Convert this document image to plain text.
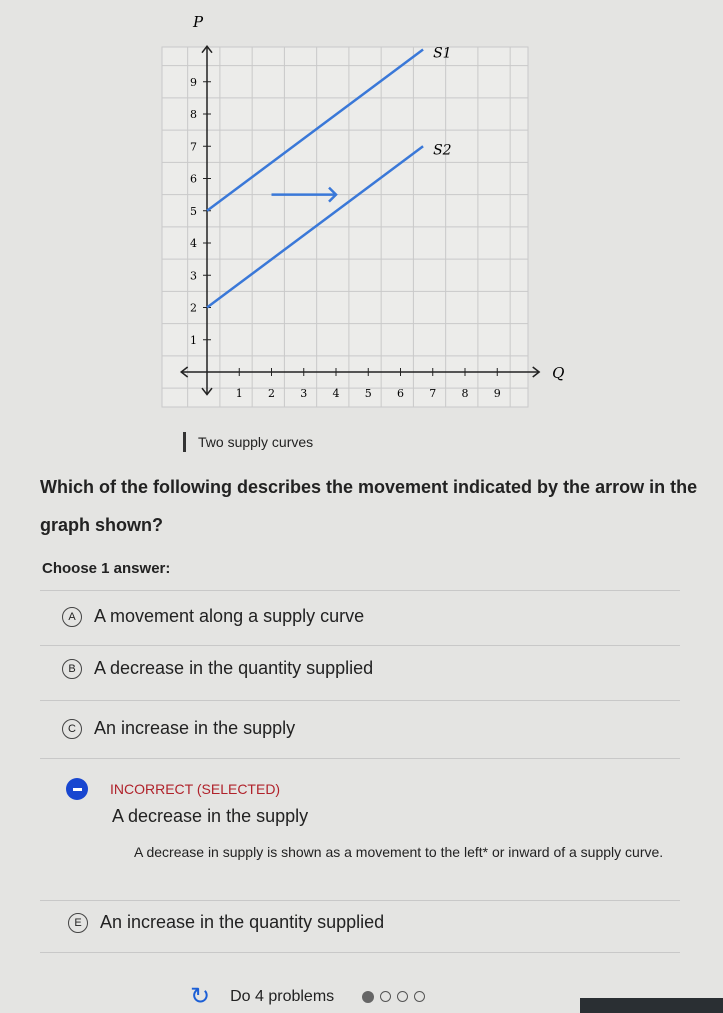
Q
P
1 2 3 4 5 6 7 8 9
1
2
3
4
5
6
7
8
9
S1
S2
Two supply curves
Which of the following describes the movement indicated by the arrow in the graph shown?
Choose 1 answer:
A	A movement along a supply curve
B	A decrease in the quantity supplied
C	An increase in the supply
INCORRECT (SELECTED)
A decrease in the supply
A decrease in supply is shown as a movement to the left* or inward of a supply curve.
E	An increase in the quantity supplied
↻ Do 4 problems
